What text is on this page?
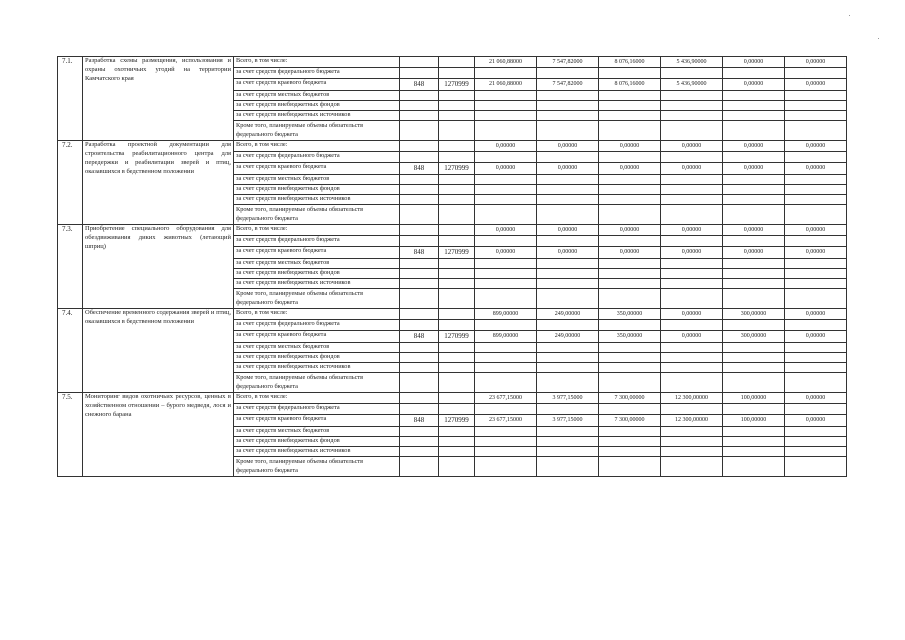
7.1.	Разработка схемы размещения, использования и охраны охотничьих угодий на территории Камчатского края	Всего, в том числе:			21 060,88000	7 547,82000	8 076,16000	5 436,90000	0,00000	0,00000
		за счет средств федерального бюджета								
		за счет средств краевого бюджета	848	1270999	21 060,88000	7 547,82000	8 076,16000	5 436,90000	0,00000	0,00000
		за счет средств местных бюджетов								
		за счет средств внебюджетных фондов								
		за счет средств внебюджетных источников								
		Кроме того, планируемые объемы обязательств федерального бюджета								
7.2.	Разработка проектной документации для строительства реабилитационного центра для передержки и реабилитации зверей и птиц, оказавшихся в бедственном положении	Всего, в том числе:			0,00000	0,00000	0,00000	0,00000	0,00000	0,00000
		за счет средств федерального бюджета								
		за счет средств краевого бюджета	848	1270999	0,00000	0,00000	0,00000	0,00000	0,00000	0,00000
		за счет средств местных бюджетов								
		за счет средств внебюджетных фондов								
		за счет средств внебюджетных источников								
		Кроме того, планируемые объемы обязательств федерального бюджета								
7.3.	Приобретение специального оборудования для обездвиживания диких животных (летающий шприц)	Всего, в том числе:			0,00000	0,00000	0,00000	0,00000	0,00000	0,00000
		за счет средств федерального бюджета								
		за счет средств краевого бюджета	848	1270999	0,00000	0,00000	0,00000	0,00000	0,00000	0,00000
		за счет средств местных бюджетов								
		за счет средств внебюджетных фондов								
		за счет средств внебюджетных источников								
		Кроме того, планируемые объемы обязательств федерального бюджета								
7.4.	Обеспечение временного содержания зверей и птиц, оказавшихся в бедственном положении	Всего, в том числе:			899,00000	249,00000	350,00000	0,00000	300,00000	0,00000
		за счет средств федерального бюджета								
		за счет средств краевого бюджета	848	1270999	899,00000	249,00000	350,00000	0,00000	300,00000	0,00000
		за счет средств местных бюджетов								
		за счет средств внебюджетных фондов								
		за счет средств внебюджетных источников								
		Кроме того, планируемые объемы обязательств федерального бюджета								
7.5.	Мониторинг видов охотничьих ресурсов, ценных в хозяйственном отношении – бурого медведя, лося и снежного барана	Всего, в том числе:			23 677,15000	3 977,15000	7 300,00000	12 300,00000	100,00000	0,00000
		за счет средств федерального бюджета								
		за счет средств краевого бюджета	848	1270999	23 677,15000	3 977,15000	7 300,00000	12 300,00000	100,00000	0,00000
		за счет средств местных бюджетов								
		за счет средств внебюджетных фондов								
		за счет средств внебюджетных источников								
		Кроме того, планируемые объемы обязательств федерального бюджета								
